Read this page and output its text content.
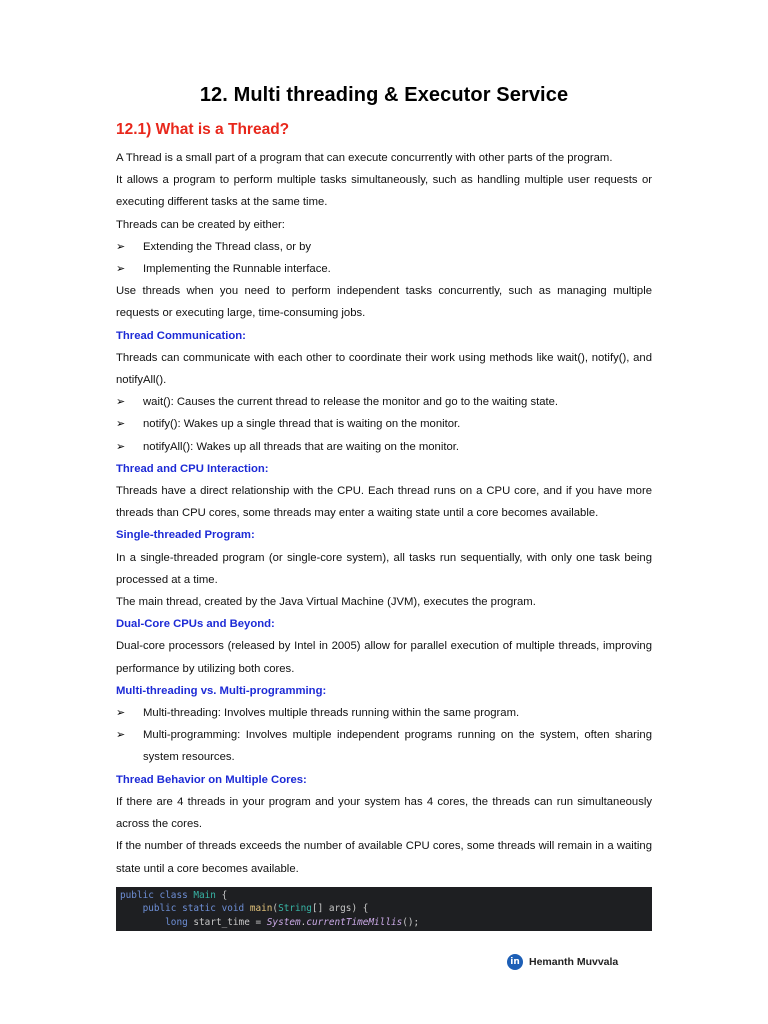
12. Multi threading & Executor Service
12.1) What is a Thread?

A Thread is a small part of a program that can execute concurrently with other parts of the program.

It allows a program to perform multiple tasks simultaneously, such as handling multiple user requests or executing different tasks at the same time.

Threads can be created by either:

➢ Extending the Thread class, or by
➢ Implementing the Runnable interface.

Use threads when you need to perform independent tasks concurrently, such as managing multiple requests or executing large, time-consuming jobs.

Thread Communication:

Threads can communicate with each other to coordinate their work using methods like wait(), notify(), and notifyAll().

➢ wait(): Causes the current thread to release the monitor and go to the waiting state.
➢ notify(): Wakes up a single thread that is waiting on the monitor.
➢ notifyAll(): Wakes up all threads that are waiting on the monitor.
Thread and CPU Interaction:

Threads have a direct relationship with the CPU. Each thread runs on a CPU core, and if you have more threads than CPU cores, some threads may enter a waiting state until a core becomes available.

Single-threaded Program:

In a single-threaded program (or single-core system), all tasks run sequentially, with only one task being processed at a time.

The main thread, created by the Java Virtual Machine (JVM), executes the program.

Dual-Core CPUs and Beyond:

Dual-core processors (released by Intel in 2005) allow for parallel execution of multiple threads, improving performance by utilizing both cores.

Multi-threading vs. Multi-programming:
➢ Multi-threading: Involves multiple threads running within the same program.
➢ Multi-programming: Involves multiple independent programs running on the system, often sharing system resources.
Thread Behavior on Multiple Cores:

If there are 4 threads in your program and your system has 4 cores, the threads can run simultaneously across the cores.

If the number of threads exceeds the number of available CPU cores, some threads will remain in a waiting state until a core becomes available.

public class Main {
public static void main(String[] args) {
long start_time = System.currentTimeMillis();
in Hemanth Muvvala
